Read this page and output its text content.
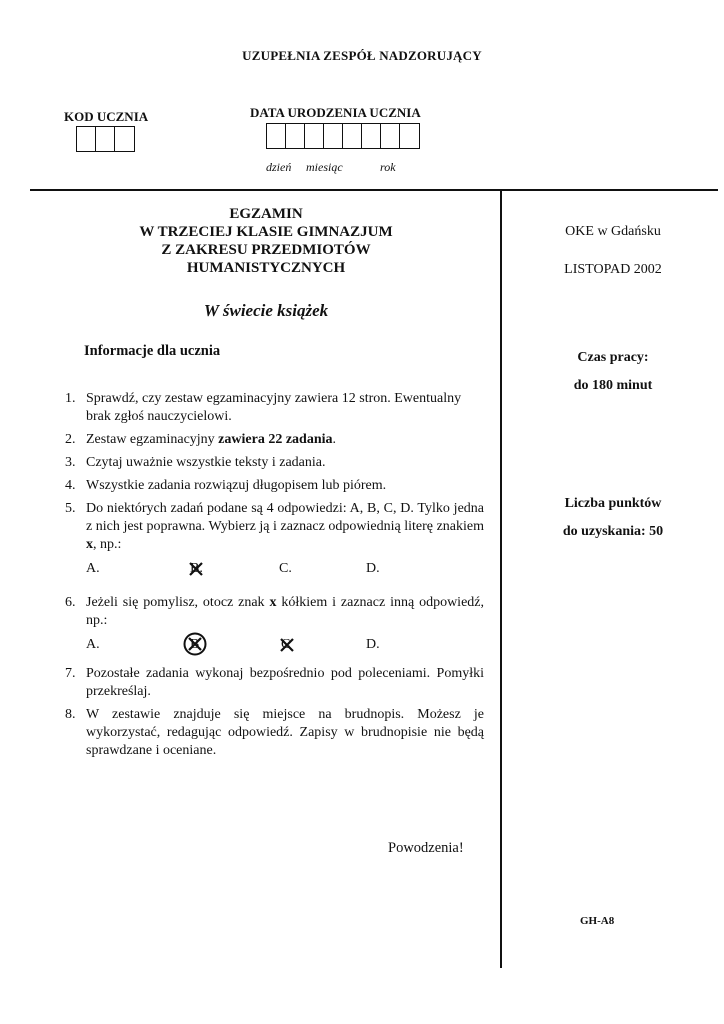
UZUPEŁNIA ZESPÓŁ NADZORUJĄCY
KOD UCZNIA	DATA URODZENIA UCZNIA
dzień miesiąc	rok
EGZAMIN
W TRZECIEJ KLASIE GIMNAZJUM
Z ZAKRESU PRZEDMIOTÓW
HUMANISTYCZNYCH
W świecie książek
Informacje dla ucznia
1. Sprawdź, czy zestaw egzaminacyjny zawiera 12 stron. Ewentualny brak zgłoś nauczycielowi.
2. Zestaw egzaminacyjny zawiera 22 zadania.
3. Czytaj uważnie wszystkie teksty i zadania.
4. Wszystkie zadania rozwiązuj długopisem lub piórem.
5. Do niektórych zadań podane są 4 odpowiedzi: A, B, C, D. Tylko jedna z nich jest poprawna. Wybierz ją i zaznacz odpowiednią literę znakiem x, np.:
A.	B.	C.	D.
6. Jeżeli się pomylisz, otocz znak x kółkiem i zaznacz inną odpowiedź, np.:
A.	B	C	D.
7. Pozostałe zadania wykonaj bezpośrednio pod poleceniami. Pomyłki przekreślaj.
8. W zestawie znajduje się miejsce na brudnopis. Możesz je wykorzystać, redagując odpowiedź. Zapisy w brudnopisie nie będą sprawdzane i oceniane.
Powodzenia!
OKE w Gdańsku
LISTOPAD 2002
Czas pracy:
do 180 minut
Liczba punktów
do uzyskania: 50
GH-A8
